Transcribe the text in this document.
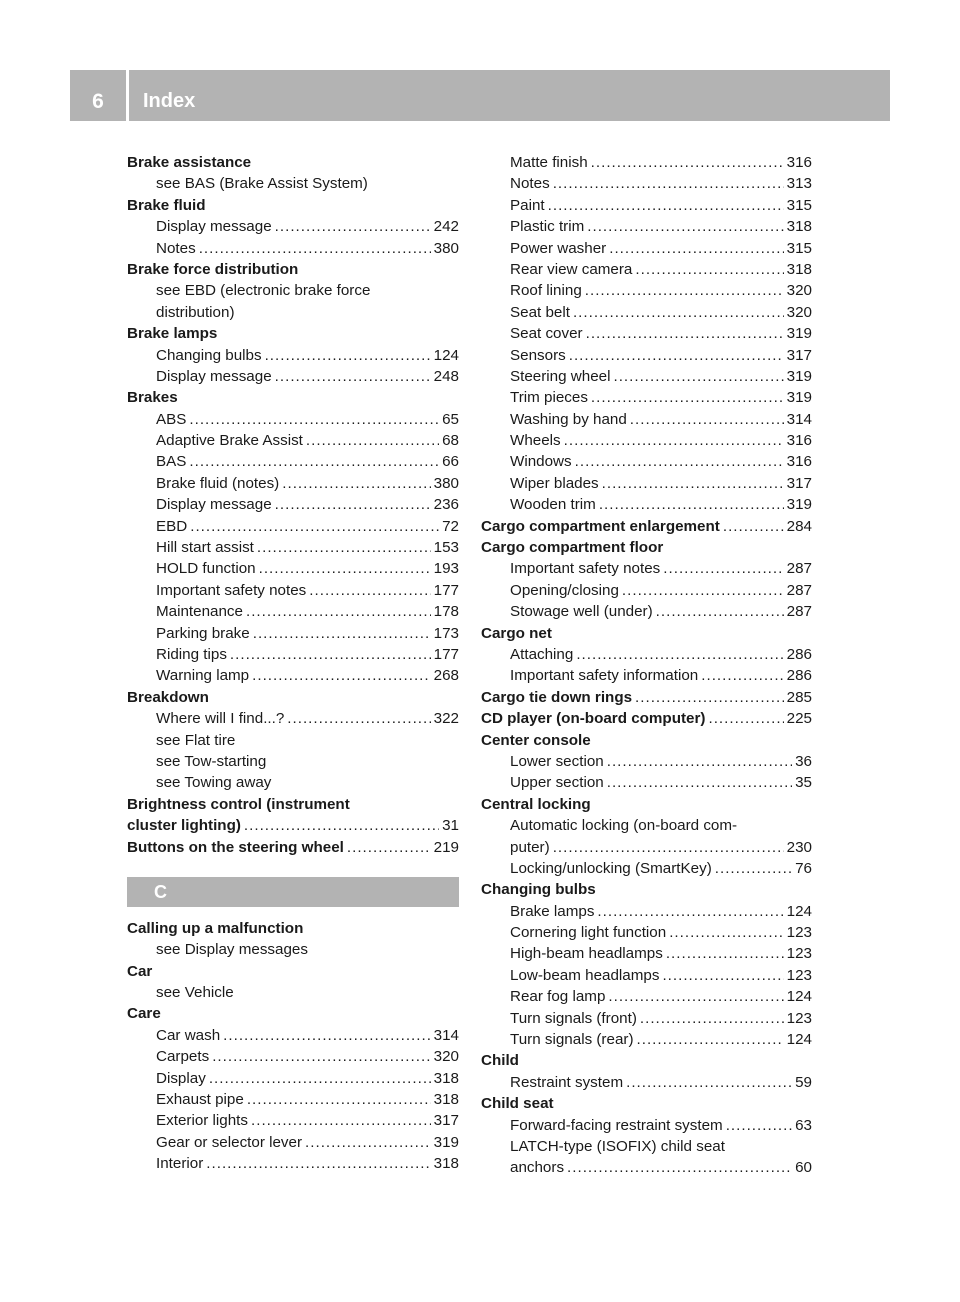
6	Index
Brake assistance
see BAS (Brake Assist System)
Brake fluid
Display message .....	242
Notes .....	380
Brake force distribution
see EBD (electronic brake force
distribution)
Brake lamps
Changing bulbs .....	124
Display message .....	248
Brakes
ABS .....	65
Adaptive Brake Assist .....	68
BAS .....	66
Brake fluid (notes) .....	380
Display message .....	236
EBD .....	72
Hill start assist .....	153
HOLD function .....	193
Important safety notes .....	177
Maintenance .....	178
Parking brake .....	173
Riding tips .....	177
Warning lamp .....	268
Breakdown
Where will I find...? .....	322
see Flat tire
see Tow-starting
see Towing away
Brightness control (instrument
cluster lighting) .....	31
Buttons on the steering wheel .....	219
C
Calling up a malfunction
see Display messages
Car
see Vehicle
Care
Car wash .....	314
Carpets .....	320
Display .....	318
Exhaust pipe .....	318
Exterior lights .....	317
Gear or selector lever .....	319
Interior .....	318
Matte finish .....	316
Notes .....	313
Paint .....	315
Plastic trim .....	318
Power washer .....	315
Rear view camera .....	318
Roof lining .....	320
Seat belt .....	320
Seat cover .....	319
Sensors .....	317
Steering wheel .....	319
Trim pieces .....	319
Washing by hand .....	314
Wheels .....	316
Windows .....	316
Wiper blades .....	317
Wooden trim .....	319
Cargo compartment enlargement .....	284
Cargo compartment floor
Important safety notes .....	287
Opening/closing .....	287
Stowage well (under) .....	287
Cargo net
Attaching .....	286
Important safety information .....	286
Cargo tie down rings .....	285
CD player (on-board computer) .....	225
Center console
Lower section .....	36
Upper section .....	35
Central locking
Automatic locking (on-board com-
puter) .....	230
Locking/unlocking (SmartKey) .....	76
Changing bulbs
Brake lamps .....	124
Cornering light function .....	123
High-beam headlamps .....	123
Low-beam headlamps .....	123
Rear fog lamp .....	124
Turn signals (front) .....	123
Turn signals (rear) .....	124
Child
Restraint system .....	59
Child seat
Forward-facing restraint system .....	63
LATCH-type (ISOFIX) child seat
anchors .....	60
